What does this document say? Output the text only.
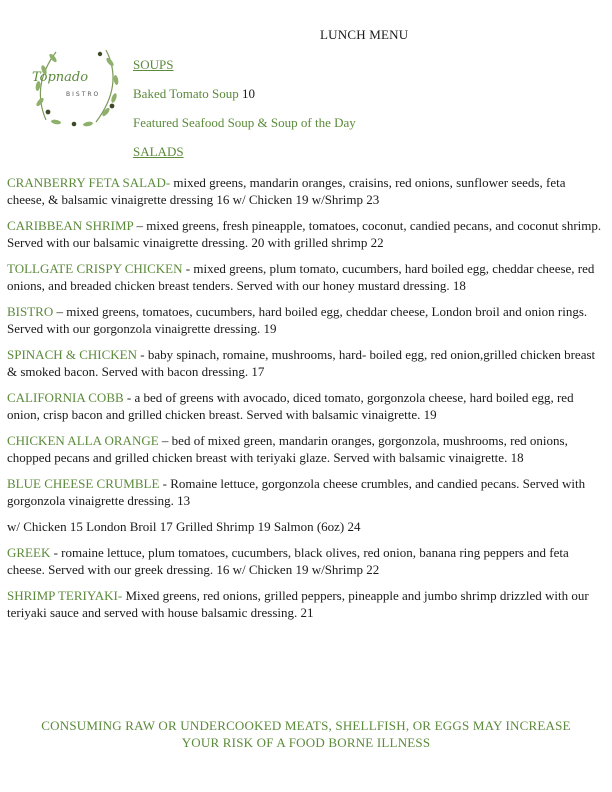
LUNCH MENU
Topnado
BISTRO
SOUPS
Baked Tomato Soup 10
Featured Seafood Soup & Soup of the Day
SALADS
CRANBERRY FETA SALAD- mixed greens, mandarin oranges, craisins, red onions, sunflower seeds, feta cheese, & balsamic vinaigrette dressing 16 w/ Chicken 19 w/Shrimp 23
CARIBBEAN SHRIMP – mixed greens, fresh pineapple, tomatoes, coconut, candied pecans, and coconut shrimp. Served with our balsamic vinaigrette dressing. 20 with grilled shrimp 22
TOLLGATE CRISPY CHICKEN - mixed greens, plum tomato, cucumbers, hard boiled egg, cheddar cheese, red onions, and breaded chicken breast tenders. Served with our honey mustard dressing. 18
BISTRO – mixed greens, tomatoes, cucumbers, hard boiled egg, cheddar cheese, London broil and onion rings. Served with our gorgonzola vinaigrette dressing. 19
SPINACH & CHICKEN - baby spinach, romaine, mushrooms, hard- boiled egg, red onion,grilled chicken breast & smoked bacon. Served with bacon dressing. 17
CALIFORNIA COBB - a bed of greens with avocado, diced tomato, gorgonzola cheese, hard boiled egg, red onion, crisp bacon and grilled chicken breast. Served with balsamic vinaigrette. 19
CHICKEN ALLA ORANGE – bed of mixed green, mandarin oranges, gorgonzola, mushrooms, red onions, chopped pecans and grilled chicken breast with teriyaki glaze. Served with balsamic vinaigrette. 18
BLUE CHEESE CRUMBLE - Romaine lettuce, gorgonzola cheese crumbles, and candied pecans. Served with gorgonzola vinaigrette dressing. 13
w/ Chicken 15 London Broil 17 Grilled Shrimp 19 Salmon (6oz) 24
GREEK - romaine lettuce, plum tomatoes, cucumbers, black olives, red onion, banana ring peppers and feta cheese. Served with our greek dressing. 16 w/ Chicken 19 w/Shrimp 22
SHRIMP TERIYAKI- Mixed greens, red onions, grilled peppers, pineapple and jumbo shrimp drizzled with our teriyaki sauce and served with house balsamic dressing. 21
CONSUMING RAW OR UNDERCOOKED MEATS, SHELLFISH, OR EGGS MAY INCREASE
YOUR RISK OF A FOOD BORNE ILLNESS
